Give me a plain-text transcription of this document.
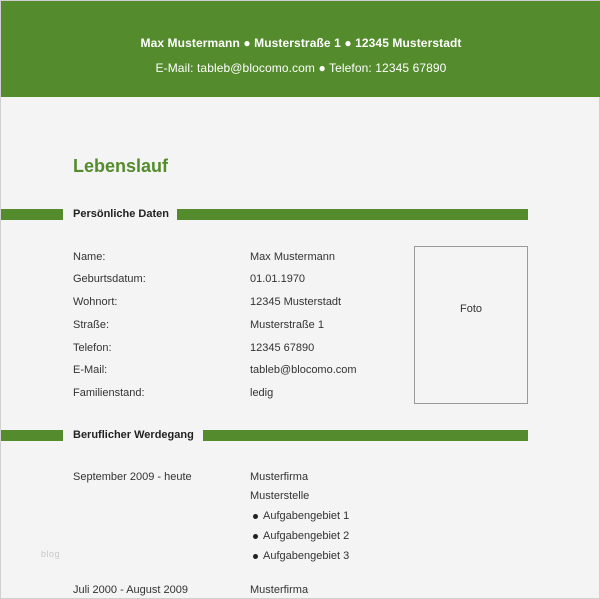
Max Mustermann ● Musterstraße 1 ● 12345 Musterstadt
E-Mail: tableb@blocomo.com ● Telefon: 12345 67890
Lebenslauf
Persönliche Daten
Name:	Max Mustermann
Geburtsdatum:	01.01.1970
Wohnort:	12345 Musterstadt
Straße:	Musterstraße 1
Telefon:	12345 67890
E-Mail:	tableb@blocomo.com
Familienstand:	ledig
Foto
Beruflicher Werdegang
September 2009 - heute	Musterfirma
Musterstelle
Aufgabengebiet 1
Aufgabengebiet 2
Aufgabengebiet 3
Juli 2000 - August 2009	Musterfirma
blog
